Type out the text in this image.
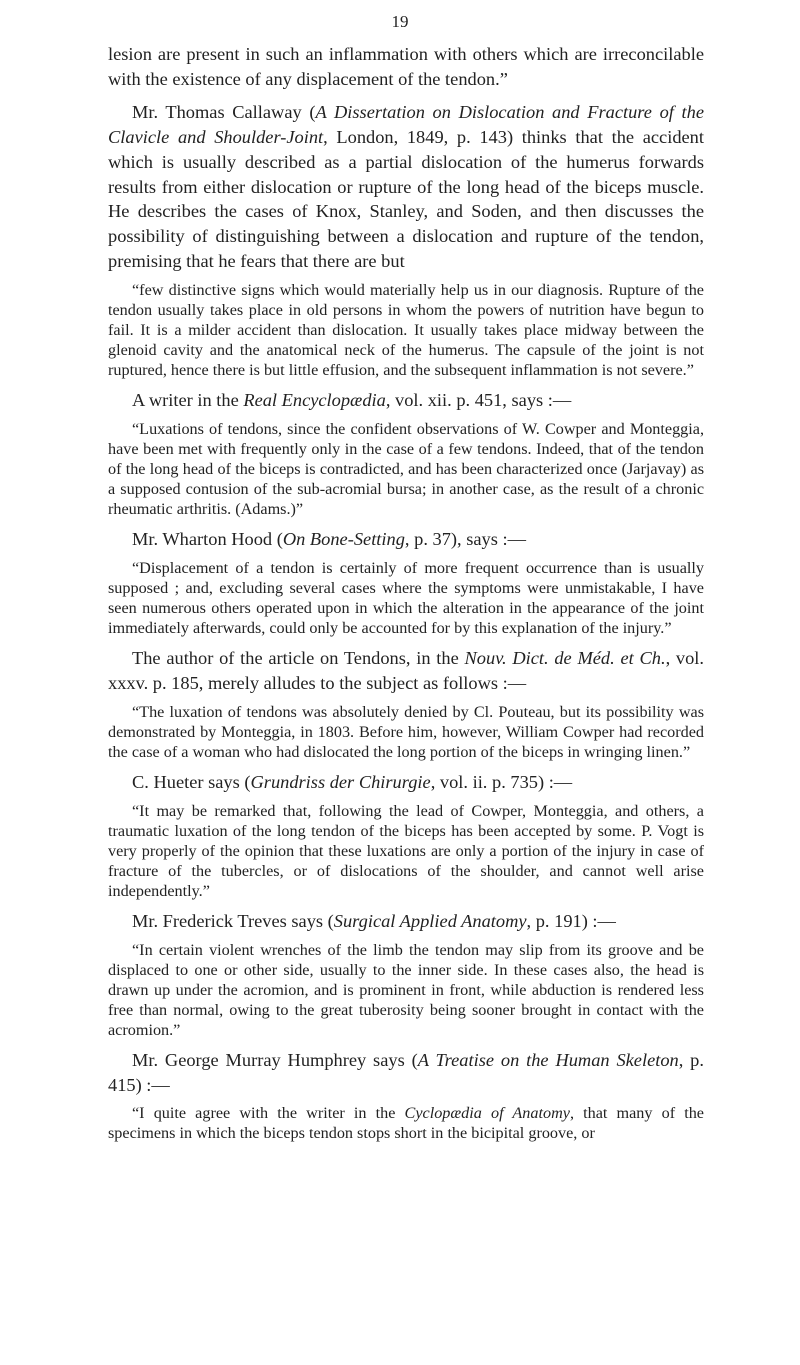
19

lesion are present in such an inflammation with others which are irreconcilable with the existence of any displacement of the tendon.”

Mr. Thomas Callaway (A Dissertation on Dislocation and Fracture of the Clavicle and Shoulder-Joint, London, 1849, p. 143) thinks that the accident which is usually described as a partial dislocation of the humerus forwards results from either dislocation or rupture of the long head of the biceps muscle. He describes the cases of Knox, Stanley, and Soden, and then discusses the possibility of distinguishing between a dislocation and rupture of the tendon, premising that he fears that there are but

“few distinctive signs which would materially help us in our diagnosis. Rupture of the tendon usually takes place in old persons in whom the powers of nutrition have begun to fail. It is a milder accident than dislocation. It usually takes place midway between the glenoid cavity and the anatomical neck of the humerus. The capsule of the joint is not ruptured, hence there is but little effusion, and the subsequent inflammation is not severe.”

A writer in the Real Encyclopædia, vol. xii. p. 451, says :—

“Luxations of tendons, since the confident observations of W. Cowper and Monteggia, have been met with frequently only in the case of a few tendons. Indeed, that of the tendon of the long head of the biceps is contradicted, and has been characterized once (Jarjavay) as a supposed contusion of the sub-acromial bursa; in another case, as the result of a chronic rheumatic arthritis. (Adams.)”

Mr. Wharton Hood (On Bone-Setting, p. 37), says :—

“Displacement of a tendon is certainly of more frequent occurrence than is usually supposed ; and, excluding several cases where the symptoms were unmistakable, I have seen numerous others operated upon in which the alteration in the appearance of the joint immediately afterwards, could only be accounted for by this explanation of the injury.”

The author of the article on Tendons, in the Nouv. Dict. de Méd. et Ch., vol. xxxv. p. 185, merely alludes to the subject as follows :—

“The luxation of tendons was absolutely denied by Cl. Pouteau, but its possibility was demonstrated by Monteggia, in 1803. Before him, however, William Cowper had recorded the case of a woman who had dislocated the long portion of the biceps in wringing linen.”

C. Hueter says (Grundriss der Chirurgie, vol. ii. p. 735) :—

“It may be remarked that, following the lead of Cowper, Monteggia, and others, a traumatic luxation of the long tendon of the biceps has been accepted by some. P. Vogt is very properly of the opinion that these luxations are only a portion of the injury in case of fracture of the tubercles, or of dislocations of the shoulder, and cannot well arise independently.”

Mr. Frederick Treves says (Surgical Applied Anatomy, p. 191) :—

“In certain violent wrenches of the limb the tendon may slip from its groove and be displaced to one or other side, usually to the inner side. In these cases also, the head is drawn up under the acromion, and is prominent in front, while abduction is rendered less free than normal, owing to the great tuberosity being sooner brought in contact with the acromion.”

Mr. George Murray Humphrey says (A Treatise on the Human Skeleton, p. 415) :—

“I quite agree with the writer in the Cyclopædia of Anatomy, that many of the specimens in which the biceps tendon stops short in the bicipital groove, or
